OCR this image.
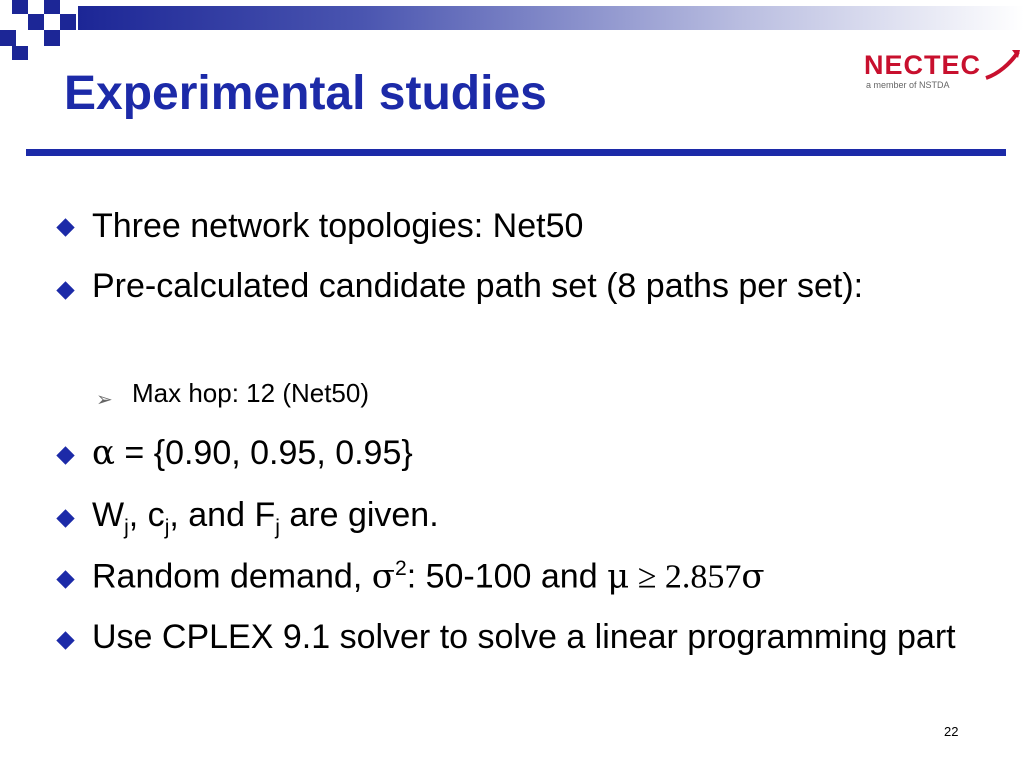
Experimental studies
NECTEC
a member of NSTDA
Three network topologies: Net50
Pre-calculated candidate path set (8 paths per set):
➢ Max hop: 12 (Net50)
α = {0.90, 0.95, 0.95}
$W_j$, $c_j$, and $F_j$ are given.
Random demand, $\sigma^2$: 50-100 and μ ≥ 2.857σ
Use CPLEX 9.1 solver to solve a linear programming part
22
